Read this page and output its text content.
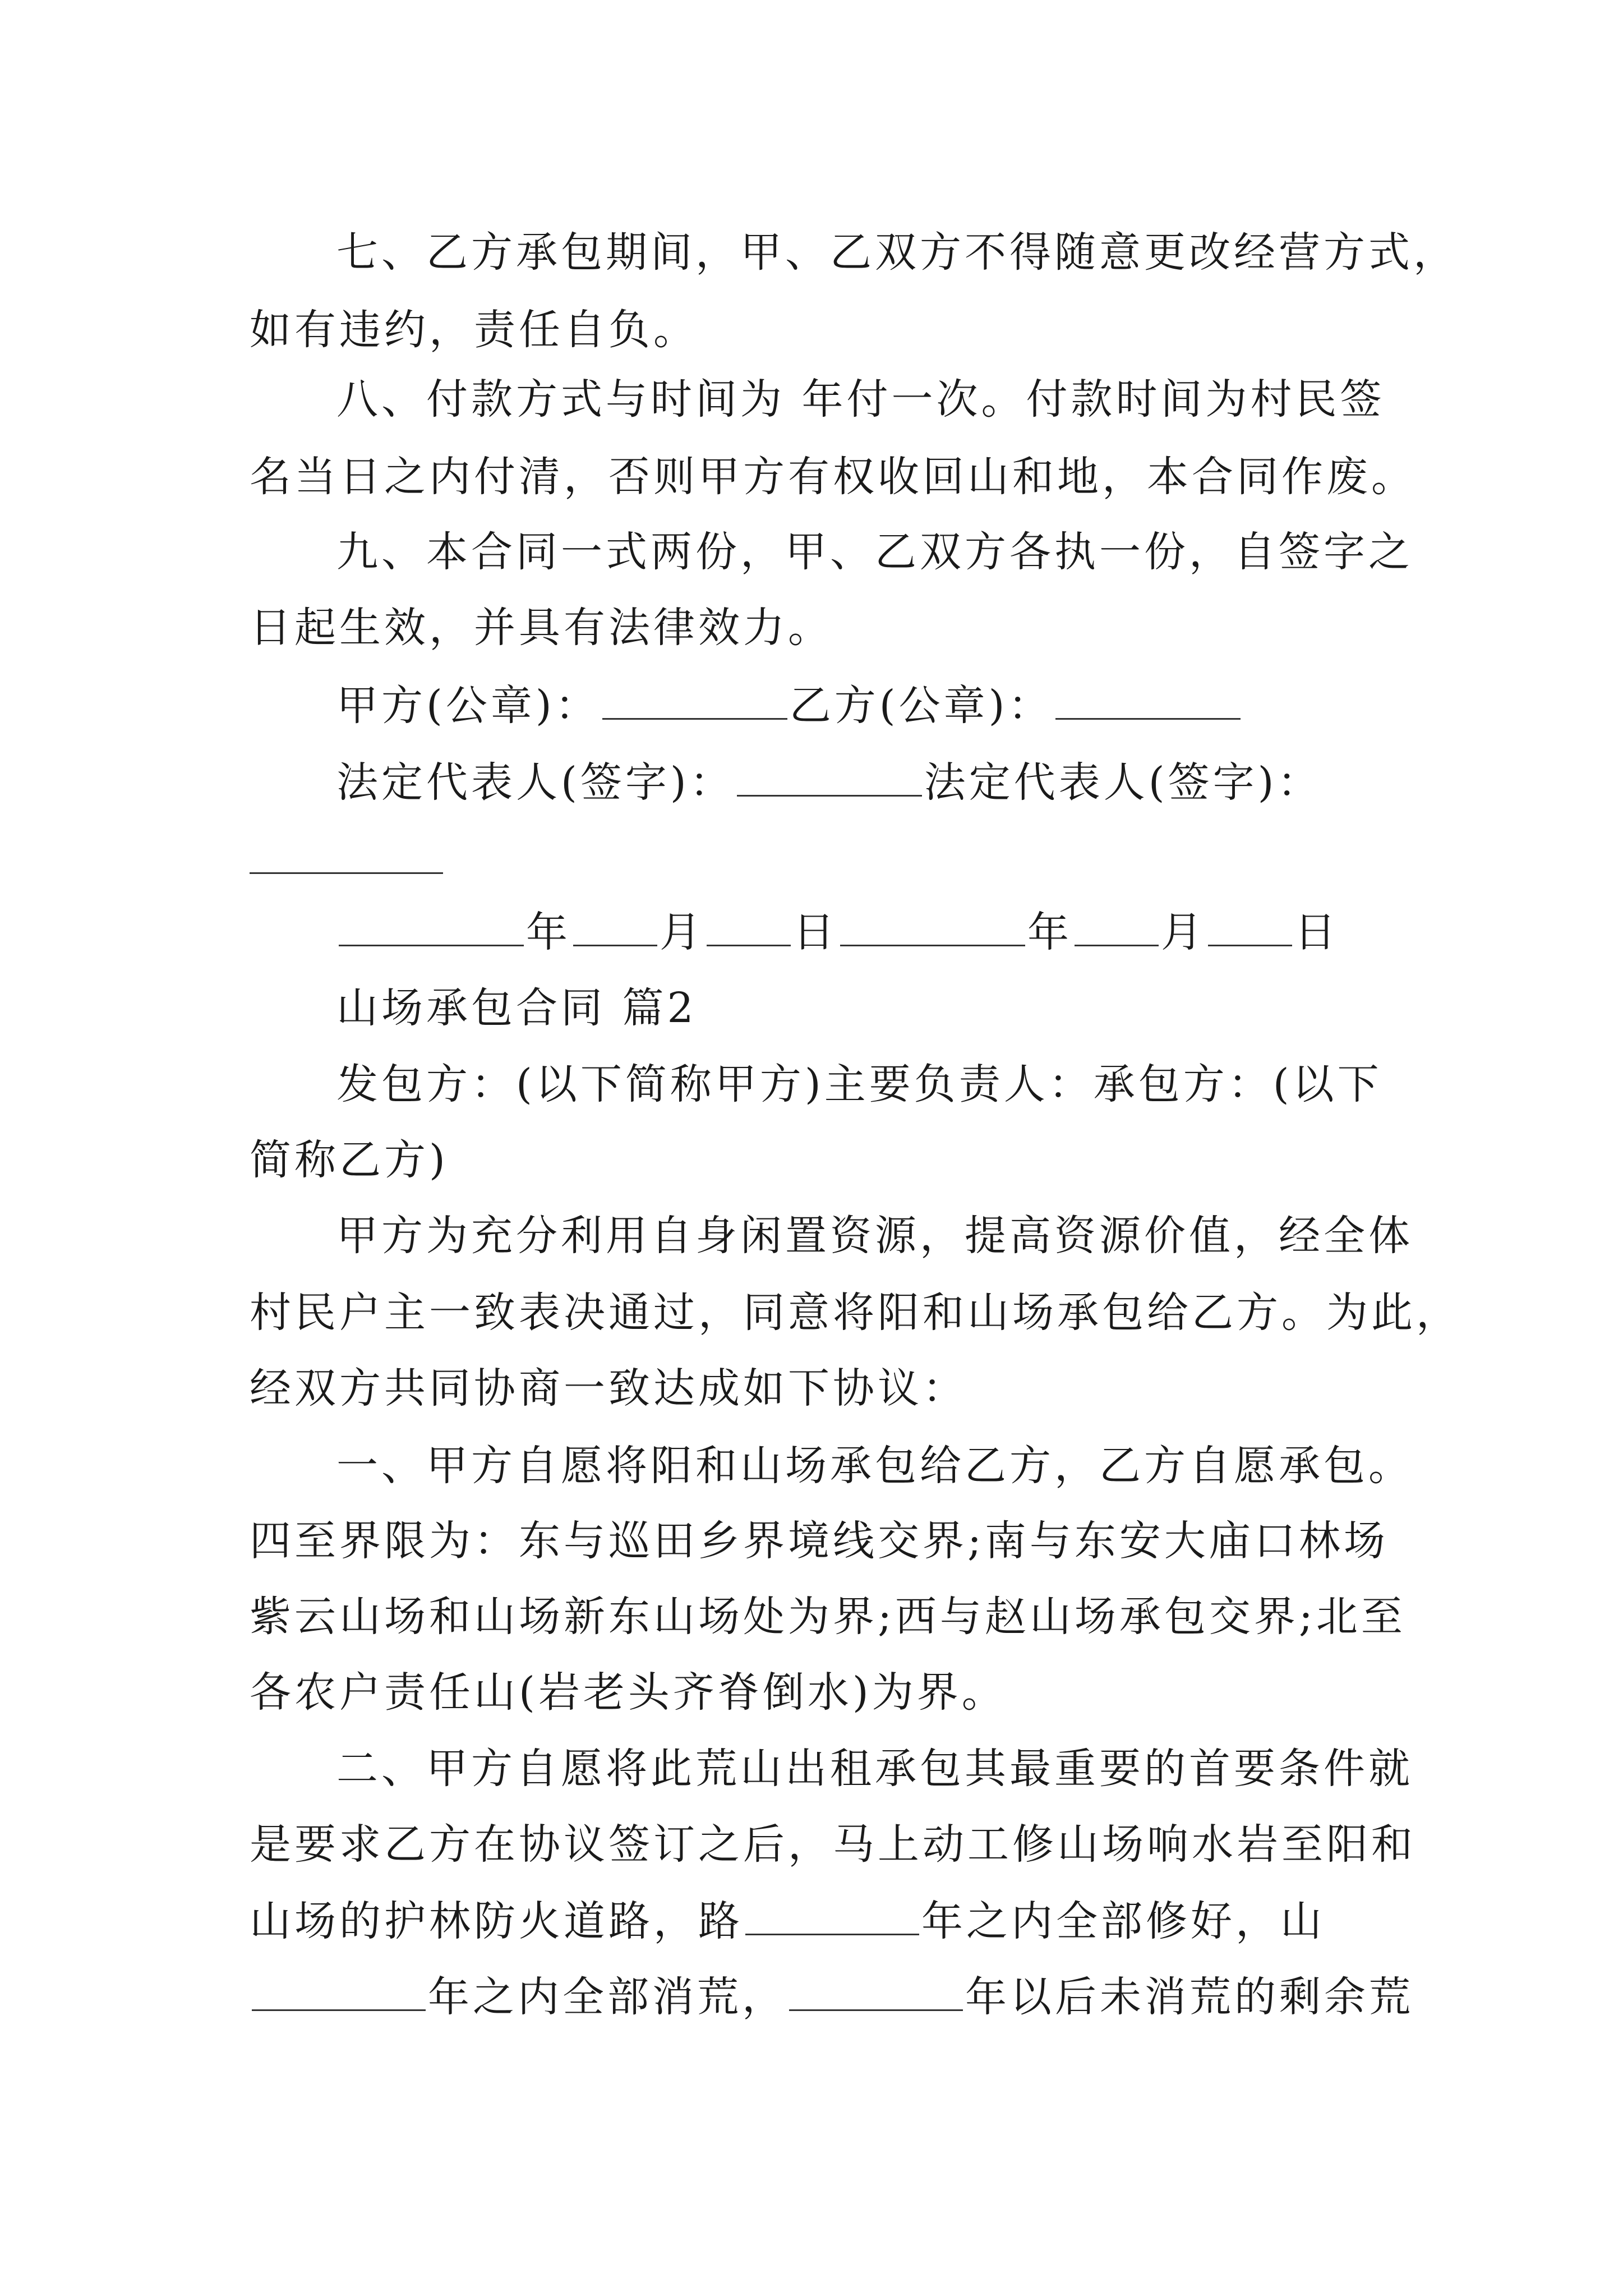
七、乙方承包期间，甲、乙双方不得随意更改经营方式，
如有违约，责任自负。
八、付款方式与时间为 年付一次。付款时间为村民签
名当日之内付清，否则甲方有权收回山和地，本合同作废。
九、本合同一式两份，甲、乙双方各执一份，自签字之
日起生效，并具有法律效力。
甲方(公章)：	乙方(公章)：
法定代表人(签字)：	法定代表人(签字)：
年 月 日	年 月 日
山场承包合同 篇2
发包方：(以下简称甲方)主要负责人：承包方：(以下
简称乙方)
甲方为充分利用自身闲置资源，提高资源价值，经全体
村民户主一致表决通过，同意将阳和山场承包给乙方。为此，
经双方共同协商一致达成如下协议：
一、甲方自愿将阳和山场承包给乙方，乙方自愿承包。
四至界限为：东与巡田乡界境线交界;南与东安大庙口林场
紫云山场和山场新东山场处为界;西与赵山场承包交界;北至
各农户责任山(岩老头齐脊倒水)为界。
二、甲方自愿将此荒山出租承包其最重要的首要条件就
是要求乙方在协议签订之后，马上动工修山场响水岩至阳和
山场的护林防火道路，路	年之内全部修好，山
年之内全部消荒，	年以后未消荒的剩余荒
